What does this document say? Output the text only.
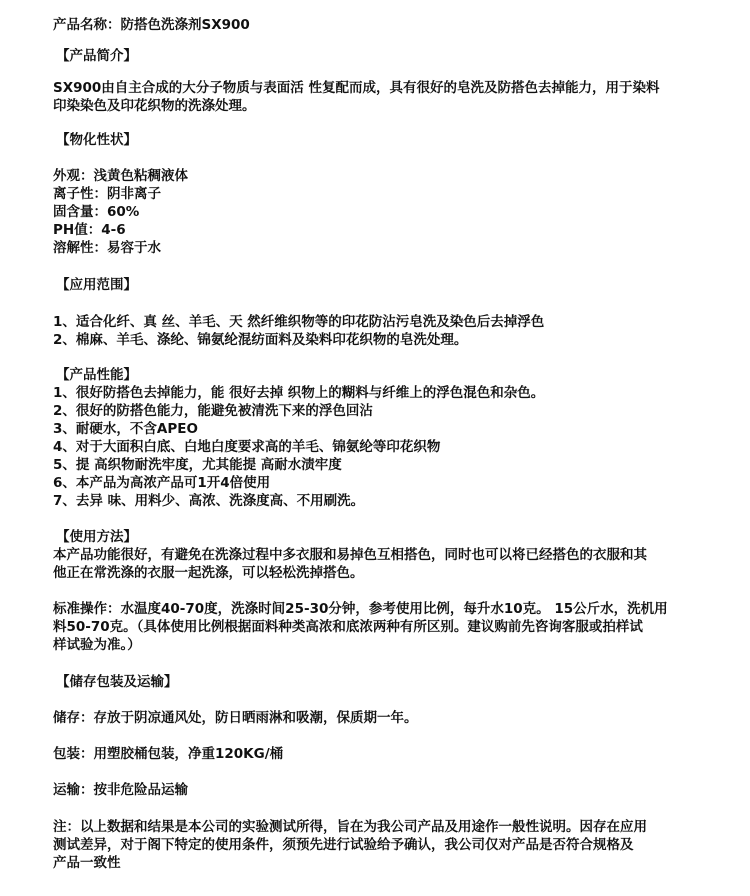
产品名称：防搭色洗涤剂SX900
【产品简介】
SX900由自主合成的大分子物质与表面活 性复配而成，具有很好的皂洗及防搭色去掉能力，用于染料
印染染色及印花织物的洗涤处理。
【物化性状】
外观：浅黄色粘稠液体
离子性：阴非离子
固含量：60%
PH值：4-6
溶解性：易容于水
【应用范围】
1、适合化纤、真 丝、羊毛、天 然纤维织物等的印花防沾污皂洗及染色后去掉浮色
2、棉麻、羊毛、涤纶、锦氨纶混纺面料及染料印花织物的皂洗处理。
【产品性能】
1、很好防搭色去掉能力，能 很好去掉 织物上的糊料与纤维上的浮色混色和杂色。
2、很好的防搭色能力，能避免被清洗下来的浮色回沾
3、耐硬水，不含APEO
4、对于大面积白底、白地白度要求高的羊毛、锦氨纶等印花织物
5、提 高织物耐洗牢度，尤其能提 高耐水渍牢度
6、本产品为高浓产品可1开4倍使用
7、去异 味、用料少、高浓、洗涤度高、不用刷洗。
【使用方法】
本产品功能很好，有避免在洗涤过程中多衣服和易掉色互相搭色，同时也可以将已经搭色的衣服和其
他正在常洗涤的衣服一起洗涤，可以轻松洗掉搭色。
标准操作：水温度40-70度，洗涤时间25-30分钟，参考使用比例，每升水10克。 15公斤水，洗机用
料50-70克。（具体使用比例根据面料种类高浓和底浓两种有所区别。建议购前先咨询客服或拍样试
样试验为准。）
【储存包装及运输】
储存：存放于阴凉通风处，防日晒雨淋和吸潮，保质期一年。
包装：用塑胶桶包装，净重120KG/桶
运输：按非危险品运输
注：以上数据和结果是本公司的实验测试所得，旨在为我公司产品及用途作一般性说明。因存在应用
测试差异，对于阁下特定的使用条件，须预先进行试验给予确认，我公司仅对产品是否符合规格及
产品一致性
